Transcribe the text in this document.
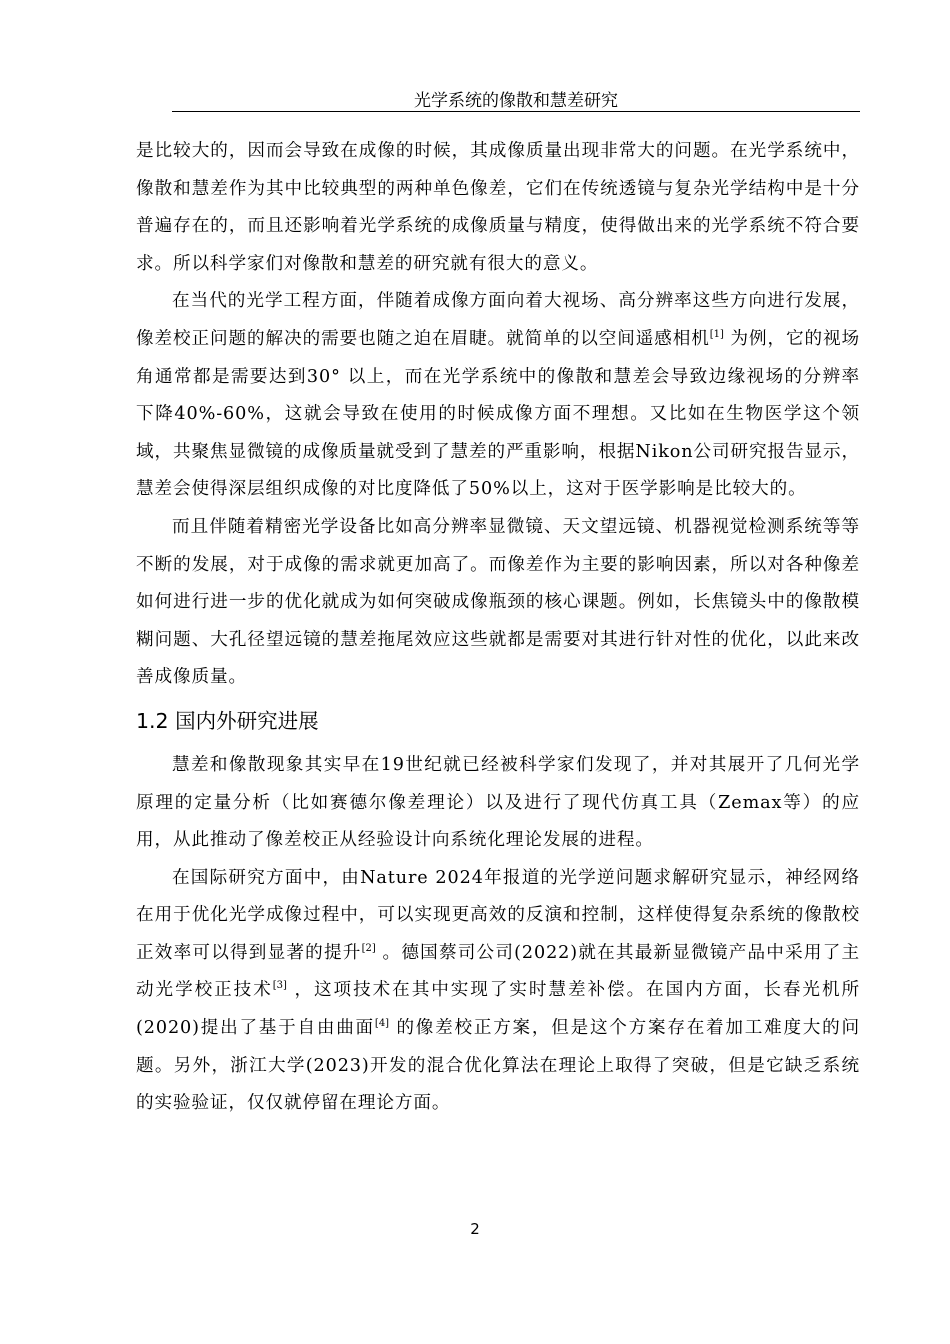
光学系统的像散和慧差研究

是比较大的，因而会导致在成像的时候，其成像质量出现非常大的问题。在光学系统中，像散和慧差作为其中比较典型的两种单色像差，它们在传统透镜与复杂光学结构中是十分普遍存在的，而且还影响着光学系统的成像质量与精度，使得做出来的光学系统不符合要求。所以科学家们对像散和慧差的研究就有很大的意义。

在当代的光学工程方面，伴随着成像方面向着大视场、高分辨率这些方向进行发展，像差校正问题的解决的需要也随之迫在眉睫。就简单的以空间遥感相机[1] 为例，它的视场角通常都是需要达到30° 以上，而在光学系统中的像散和慧差会导致边缘视场的分辨率下降40%-60%，这就会导致在使用的时候成像方面不理想。又比如在生物医学这个领域，共聚焦显微镜的成像质量就受到了慧差的严重影响，根据Nikon公司研究报告显示，慧差会使得深层组织成像的对比度降低了50%以上，这对于医学影响是比较大的。

而且伴随着精密光学设备比如高分辨率显微镜、天文望远镜、机器视觉检测系统等等不断的发展，对于成像的需求就更加高了。而像差作为主要的影响因素，所以对各种像差如何进行进一步的优化就成为如何突破成像瓶颈的核心课题。例如，长焦镜头中的像散模糊问题、大孔径望远镜的慧差拖尾效应这些就都是需要对其进行针对性的优化，以此来改善成像质量。

1.2 国内外研究进展

慧差和像散现象其实早在19世纪就已经被科学家们发现了，并对其展开了几何光学原理的定量分析（比如赛德尔像差理论）以及进行了现代仿真工具（Zemax等）的应用，从此推动了像差校正从经验设计向系统化理论发展的进程。

在国际研究方面中，由Nature 2024年报道的光学逆问题求解研究显示，神经网络在用于优化光学成像过程中，可以实现更高效的反演和控制，这样使得复杂系统的像散校正效率可以得到显著的提升[2] 。德国蔡司公司(2022)就在其最新显微镜产品中采用了主动光学校正技术[3] ，这项技术在其中实现了实时慧差补偿。在国内方面，长春光机所(2020)提出了基于自由曲面[4] 的像差校正方案，但是这个方案存在着加工难度大的问题。另外，浙江大学(2023)开发的混合优化算法在理论上取得了突破，但是它缺乏系统的实验验证，仅仅就停留在理论方面。

2
